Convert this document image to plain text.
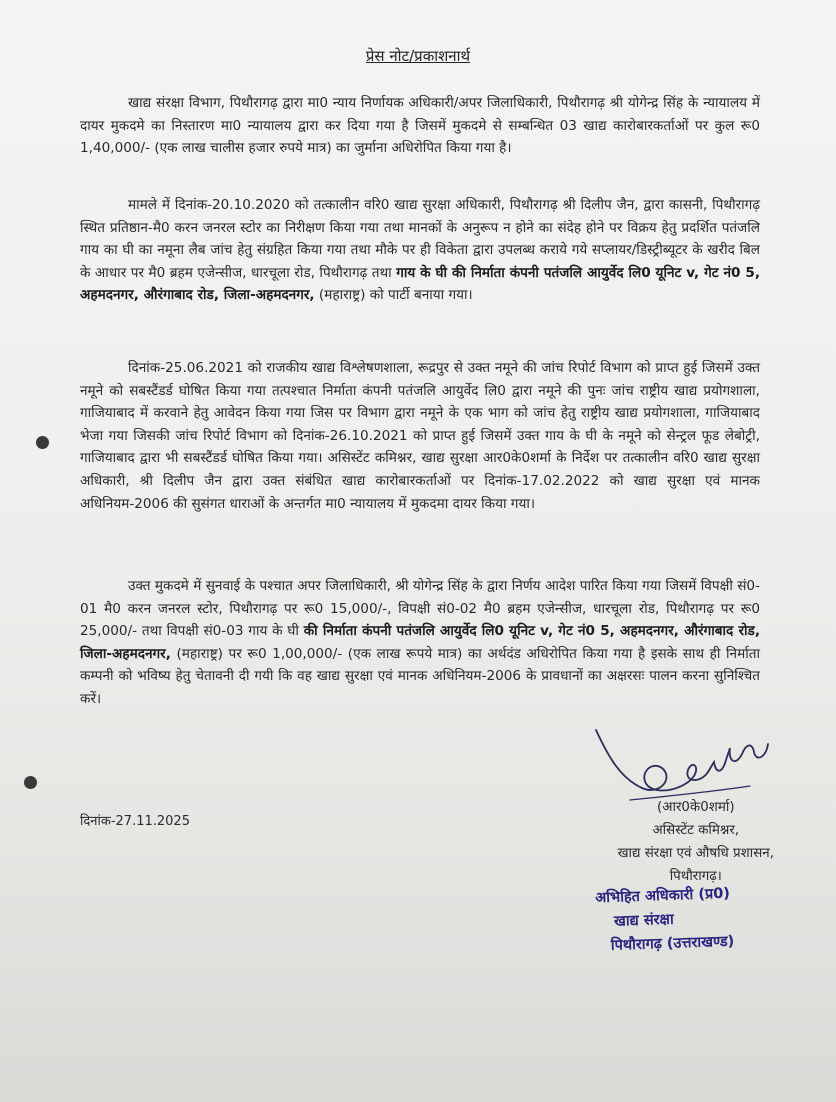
प्रेस नोट/प्रकाशनार्थ

खाद्य संरक्षा विभाग, पिथौरागढ़ द्वारा मा0 न्याय निर्णायक अधिकारी/अपर जिलाधिकारी, पिथौरागढ़ श्री योगेन्द्र सिंह के न्यायालय में दायर मुकदमे का निस्तारण मा0 न्यायालय द्वारा कर दिया गया है जिसमें मुकदमे से सम्बन्धित 03 खाद्य कारोबारकर्ताओं पर कुल रू0 1,40,000/- (एक लाख चालीस हजार रुपये मात्र) का जुर्माना अधिरोपित किया गया है।

मामले में दिनांक-20.10.2020 को तत्कालीन वरि0 खाद्य सुरक्षा अधिकारी, पिथौरागढ़ श्री दिलीप जैन, द्वारा कासनी, पिथौरागढ़ स्थित प्रतिष्ठान-मै0 करन जनरल स्टोर का निरीक्षण किया गया तथा मानकों के अनुरूप न होने का संदेह होने पर विक्रय हेतु प्रदर्शित पतंजलि गाय का घी का नमूना लैब जांच हेतु संग्रहित किया गया तथा मौके पर ही विकेता द्वारा उपलब्ध कराये गये सप्लायर/डिस्ट्रीब्यूटर के खरीद बिल के आधार पर मै0 ब्रहम एजेन्सीज, धारचूला रोड, पिथौरागढ़ तथा गाय के घी की निर्माता कंपनी पतंजलि आयुर्वेद लि0 यूनिट v, गेट नं0 5, अहमदनगर, औरंगाबाद रोड, जिला-अहमदनगर, (महाराष्ट्र) को पार्टी बनाया गया।

दिनांक-25.06.2021 को राजकीय खाद्य विश्लेषणशाला, रूद्रपुर से उक्त नमूने की जांच रिपोर्ट विभाग को प्राप्त हुई जिसमें उक्त नमूने को सबस्टैंडर्ड घोषित किया गया तत्पश्चात निर्माता कंपनी पतंजलि आयुर्वेद लि0 द्वारा नमूने की पुनः जांच राष्ट्रीय खाद्य प्रयोगशाला, गाजियाबाद में करवाने हेतु आवेदन किया गया जिस पर विभाग द्वारा नमूने के एक भाग को जांच हेतु राष्ट्रीय खाद्य प्रयोगशाला, गाजियाबाद भेजा गया जिसकी जांच रिपोर्ट विभाग को दिनांक-26.10.2021 को प्राप्त हुई जिसमें उक्त गाय के घी के नमूने को सेन्ट्रल फूड लेबोट्री, गाजियाबाद द्वारा भी सबस्टैंडर्ड घोषित किया गया। असिस्टेंट कमिश्नर, खाद्य सुरक्षा आर0के0शर्मा के निर्देश पर तत्कालीन वरि0 खाद्य सुरक्षा अधिकारी, श्री दिलीप जैन द्वारा उक्त संबंधित खाद्य कारोबारकर्ताओं पर दिनांक-17.02.2022 को खाद्य सुरक्षा एवं मानक अधिनियम-2006 की सुसंगत धाराओं के अन्तर्गत मा0 न्यायालय में मुकदमा दायर किया गया।

उक्त मुकदमे में सुनवाई के पश्चात अपर जिलाधिकारी, श्री योगेन्द्र सिंह के द्वारा निर्णय आदेश पारित किया गया जिसमें विपक्षी सं0-01 मै0 करन जनरल स्टोर, पिथौरागढ़ पर रू0 15,000/-, विपक्षी सं0-02 मै0 ब्रहम एजेन्सीज, धारचूला रोड, पिथौरागढ़ पर रू0 25,000/- तथा विपक्षी सं0-03 गाय के घी की निर्माता कंपनी पतंजलि आयुर्वेद लि0 यूनिट v, गेट नं0 5, अहमदनगर, औरंगाबाद रोड, जिला-अहमदनगर, (महाराष्ट्र) पर रू0 1,00,000/- (एक लाख रूपये मात्र) का अर्थदंड अधिरोपित किया गया है इसके साथ ही निर्माता कम्पनी को भविष्य हेतु चेतावनी दी गयी कि वह खाद्य सुरक्षा एवं मानक अधिनियम-2006 के प्रावधानों का अक्षरसः पालन करना सुनिश्चित करें।

दिनांक-27.11.2025
(आर0के0शर्मा)
असिस्टेंट कमिश्नर,
खाद्य संरक्षा एवं औषधि प्रशासन,
पिथौरागढ़।
अभिहित अधिकारी (प्र0)
खाद्य संरक्षा
पिथौरागढ़ (उत्तराखण्ड)
